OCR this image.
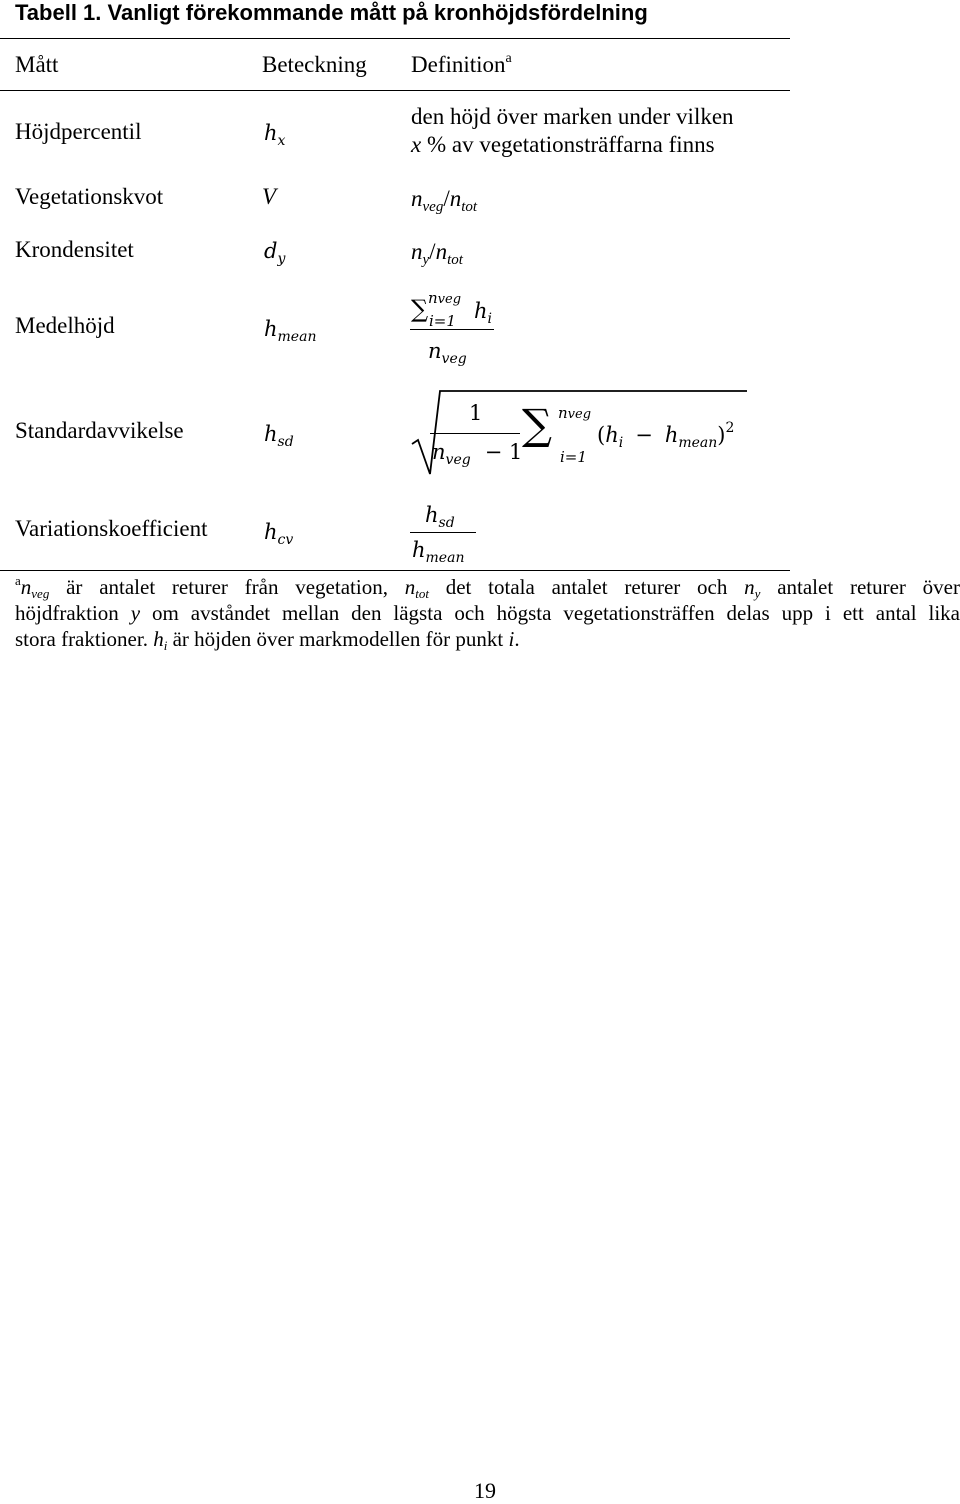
Tabell 1. Vanligt förekommande mått på kronhöjdsfördelning
Mått	Beteckning Definition$^a$
Höjdpercentil	$h_x$
den höjd över marken under vilken
x % av vegetationsträffarna finns
Vegetationskvot	V	$n_{veg}/n_{tot}$
Krondensitet	$d_y$	$n_y/n_{tot}$
Medelhöjd	$h_{mean}$
∑ nveg
i=1 $h_i$
$n_{veg}$
Standardavvikelse	$h_{sd}$
1
$n_{veg} - 1$
∑ nveg
i=1
$(h_i - h_{mean})^2$
Variationskoefficient	$h_{cv}$
$h_{sd}$
$h_{mean}$
$^a$nveg är antalet returer från vegetation, ntot det totala antalet returer och ny antalet returer över
höjdfraktion y om avståndet mellan den lägsta och högsta vegetationsträffen delas upp i ett antal lika
stora fraktioner. hi är höjden över markmodellen för punkt i.
19
